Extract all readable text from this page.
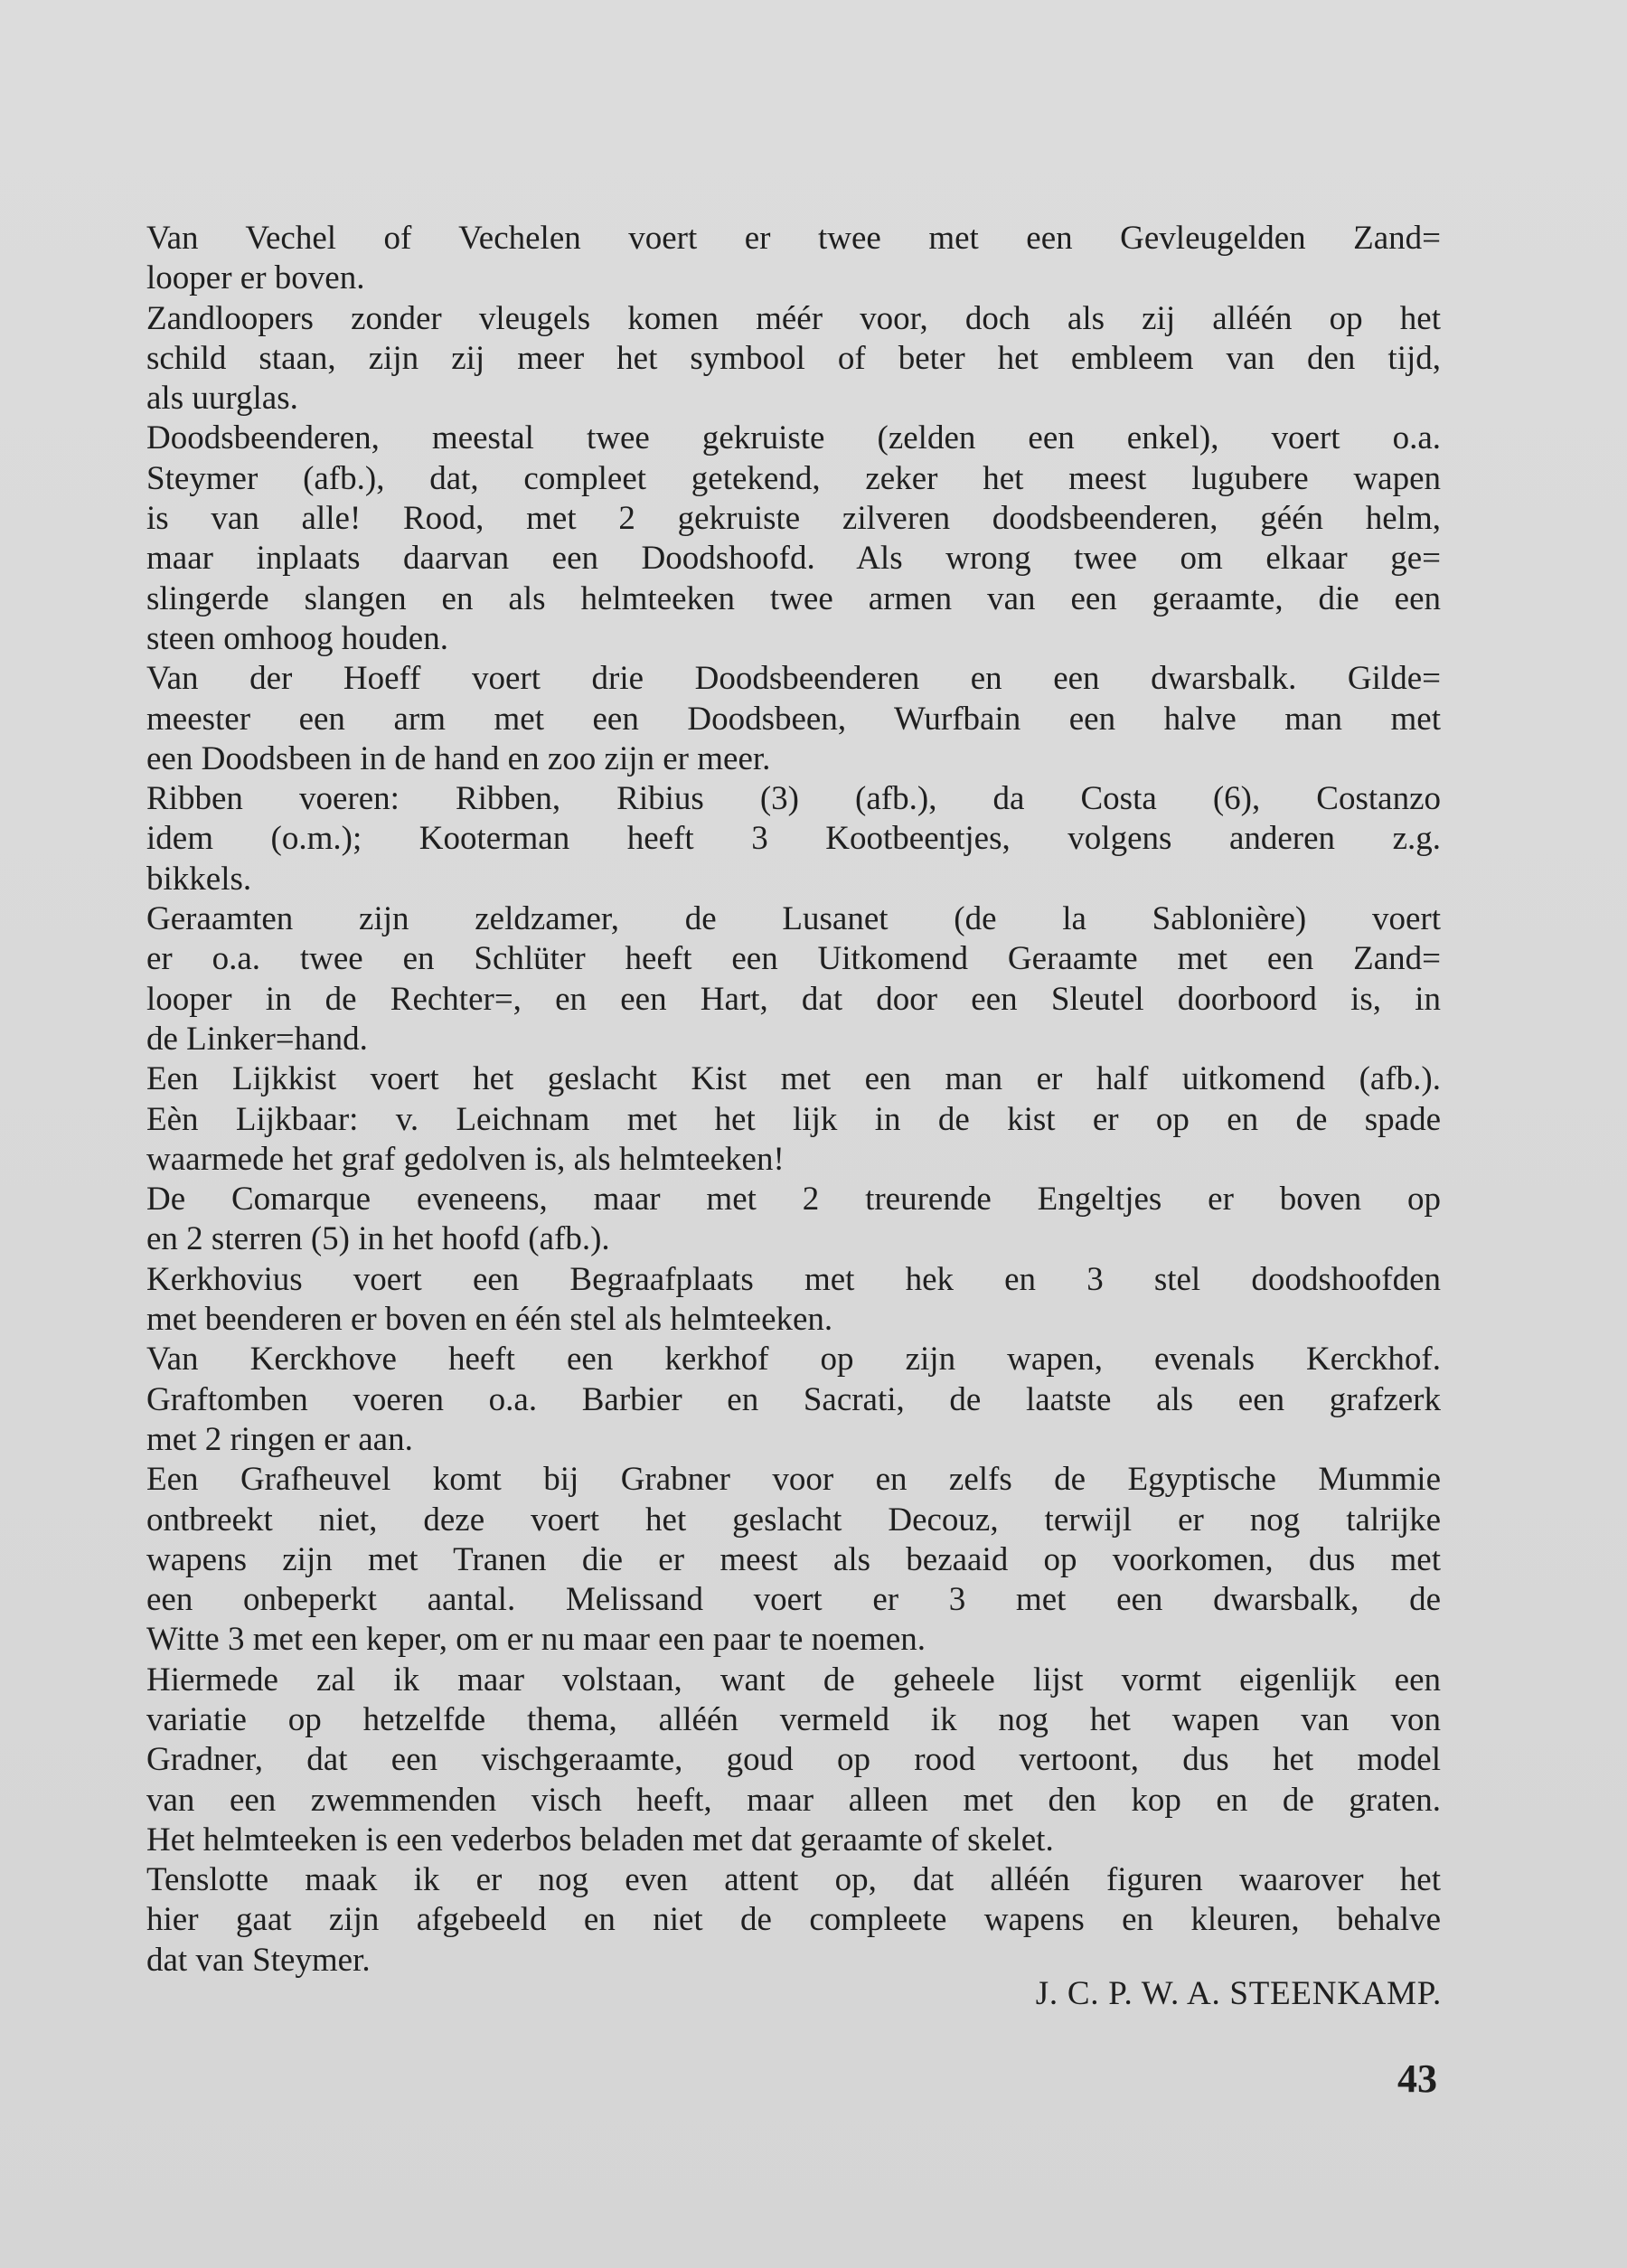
Van Vechel of Vechelen voert er twee met een Gevleugelden Zand=
looper er boven.
Zandloopers zonder vleugels komen méér voor, doch als zij alléén op het
schild staan, zijn zij meer het symbool of beter het embleem van den tijd,
als uurglas.
Doodsbeenderen, meestal twee gekruiste (zelden een enkel), voert o.a.
Steymer (afb.), dat, compleet getekend, zeker het meest lugubere wapen
is van alle! Rood, met 2 gekruiste zilveren doodsbeenderen, géén helm,
maar inplaats daarvan een Doodshoofd. Als wrong twee om elkaar ge=
slingerde slangen en als helmteeken twee armen van een geraamte, die een
steen omhoog houden.
Van der Hoeff voert drie Doodsbeenderen en een dwarsbalk. Gilde=
meester een arm met een Doodsbeen, Wurfbain een halve man met
een Doodsbeen in de hand en zoo zijn er meer.
Ribben voeren: Ribben, Ribius (3) (afb.), da Costa (6), Costanzo
idem (o.m.); Kooterman heeft 3 Kootbeentjes, volgens anderen z.g.
bikkels.
Geraamten zijn zeldzamer, de Lusanet (de la Sablonière) voert
er o.a. twee en Schlüter heeft een Uitkomend Geraamte met een Zand=
looper in de Rechter=, en een Hart, dat door een Sleutel doorboord is, in
de Linker=hand.
Een Lijkkist voert het geslacht Kist met een man er half uitkomend (afb.).
Eèn Lijkbaar: v. Leichnam met het lijk in de kist er op en de spade
waarmede het graf gedolven is, als helmteeken!
De Comarque eveneens, maar met 2 treurende Engeltjes er boven op
en 2 sterren (5) in het hoofd (afb.).
Kerkhovius voert een Begraafplaats met hek en 3 stel doodshoofden
met beenderen er boven en één stel als helmteeken.
Van Kerckhove heeft een kerkhof op zijn wapen, evenals Kerckhof.
Graftomben voeren o.a. Barbier en Sacrati, de laatste als een grafzerk
met 2 ringen er aan.
Een Grafheuvel komt bij Grabner voor en zelfs de Egyptische Mummie
ontbreekt niet, deze voert het geslacht Decouz, terwijl er nog talrijke
wapens zijn met Tranen die er meest als bezaaid op voorkomen, dus met
een onbeperkt aantal. Melissand voert er 3 met een dwarsbalk, de
Witte 3 met een keper, om er nu maar een paar te noemen.
Hiermede zal ik maar volstaan, want de geheele lijst vormt eigenlijk een
variatie op hetzelfde thema, alléén vermeld ik nog het wapen van von
Gradner, dat een vischgeraamte, goud op rood vertoont, dus het model
van een zwemmenden visch heeft, maar alleen met den kop en de graten.
Het helmteeken is een vederbos beladen met dat geraamte of skelet.
Tenslotte maak ik er nog even attent op, dat alléén figuren waarover het
hier gaat zijn afgebeeld en niet de compleete wapens en kleuren, behalve
dat van Steymer.
J. C. P. W. A. STEENKAMP.
43
